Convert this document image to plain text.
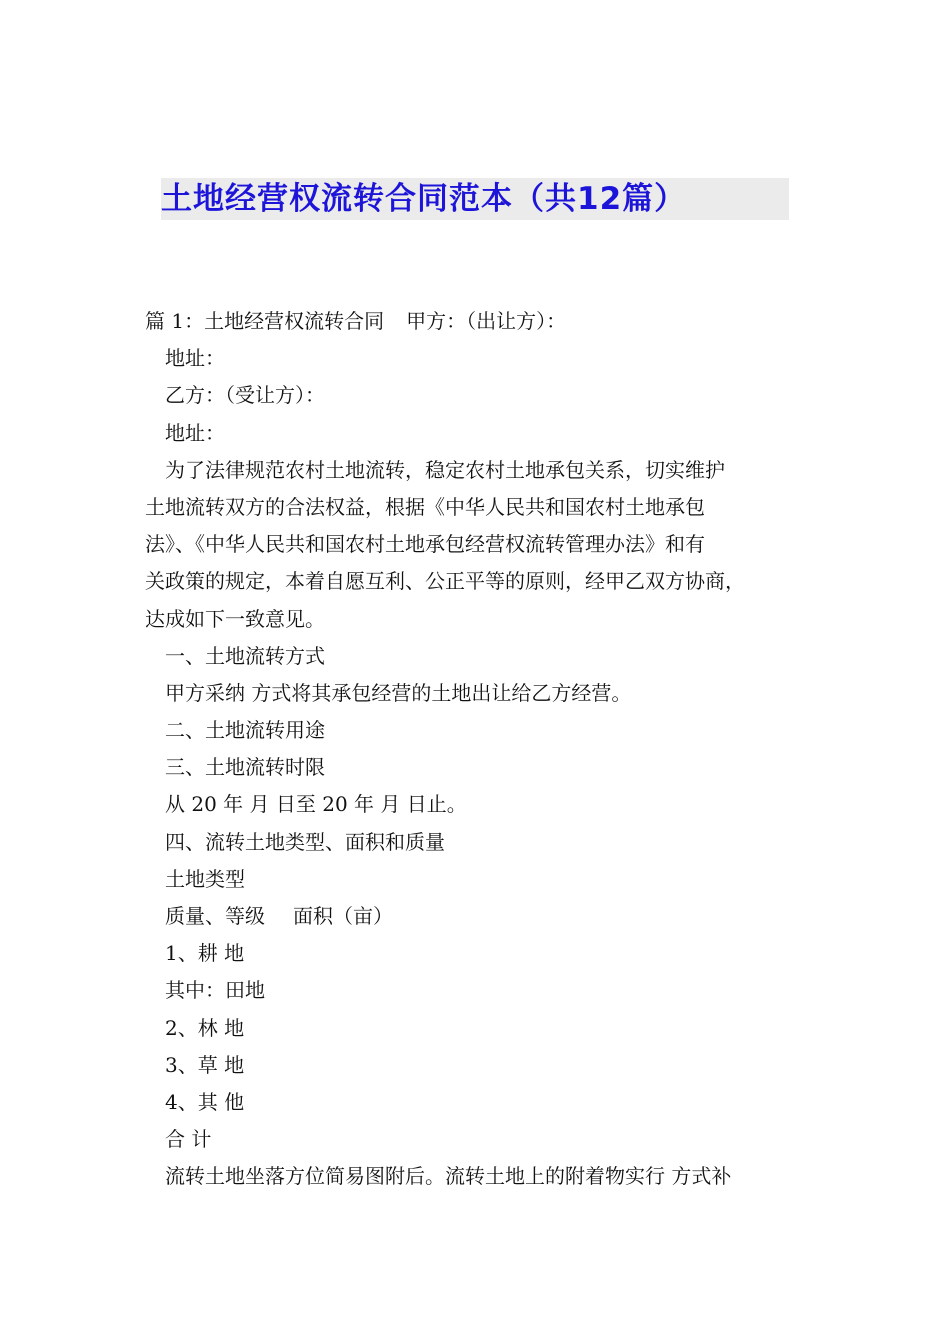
土地经营权流转合同范本（共12篇）
篇 1：土地经营权流转合同 甲方：（出让方）：
地址：
乙方：（受让方）：
地址：
为了法律规范农村土地流转，稳定农村土地承包关系，切实维护
土地流转双方的合法权益，根据《中华人民共和国农村土地承包
法》、《中华人民共和国农村土地承包经营权流转管理办法》和有
关政策的规定，本着自愿互利、公正平等的原则，经甲乙双方协商，
达成如下一致意见。
一、土地流转方式
甲方采纳 方式将其承包经营的土地出让给乙方经营。
二、土地流转用途
三、土地流转时限
从 20 年 月 日至 20 年 月 日止。
四、流转土地类型、面积和质量
土地类型
质量、等级 面积（亩）
1、耕 地
其中：田地
2、林 地
3、草 地
4、其 他
合 计
流转土地坐落方位简易图附后。流转土地上的附着物实行 方式补
